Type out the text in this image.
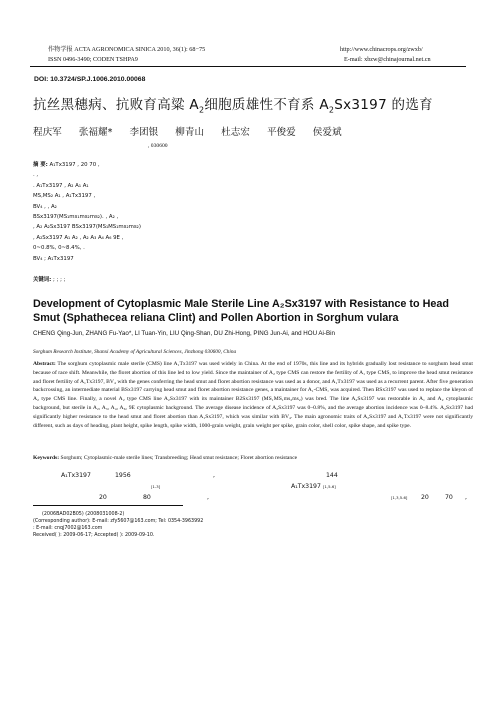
作物学报 ACTA AGRONOMICA SINICA 2010, 36(1): 68−75	http://www.chinacrops.org/zwxb/
ISSN 0496-3490; CODEN TSHPA9	E-mail: xbzw@chinajournal.net.cn
DOI: 10.3724/SP.J.1006.2010.00068
抗丝黑穗病、抗败育高粱 $A_2$细胞质雄性不育系 $A_2Sx3197$ 的选育
程庆军 张福耀* 李团银 柳青山 杜志宏 平俊爱 侯爱斌
, 030600
摘 要: A₁Tx3197 , 20 70 ,
. ,
. A₁Tx3197 , A₂ A₁ A₁
MS,MS₂ A₁ , A₁Tx3197 ,
BV₄ , , A₂
BSx3197(MS₁ms₁ms₂ms₂). , A₂ ,
, A₂ A₂Sx3197 BSx3197(MS₁MS₁ms₂ms₂)
, A₂Sx3197 A₁ A₂ , A₂ A₃ A₄ A₆ 9E ,
0~0.8%, 0~8.4%, .
BV₄ ; A₁Tx3197
关键词: ; ; ; ;
Development of Cytoplasmic Male Sterile Line A₂Sx3197 with Resistance to Head Smut (Sphathecea reliana Clint) and Pollen Abortion in Sorghum vulara
CHENG Qing-Jun, ZHANG Fu-Yao*, LI Tuan-Yin, LIU Qing-Shan, DU Zhi-Hong, PING Jun-Ai, and HOU Ai-Bin
Sorghum Research Institute, Shanxi Academy of Agricultural Sciences, Jinzhong 030600, China
Abstract: The sorghum cytoplasmic male sterile (CMS) line A₁Tx3197 was used widely in China. At the end of 1970s, this line and its hybrids gradually lost resistance to sorghum head smut because of race shift. Meanwhile, the floret abortion of this line led to low yield. Since the maintainer of A₂ type CMS can restore the fertility of A₁ type CMS, to improve the head smut resistance and floret fertility of A₁Tx3197, BV₄ with the genes conferring the head smut and floret abortion resistance was used as a donor, and A₁Tx3197 was used as a recurrent parent. After five generation backcrossing, an intermediate material BSx3197 carrying head smut and floret abortion resistance genes, a maintainer for A₁-CMS, was acquired. Then BSx3197 was used to replace the kleyon of A₂ type CMS line. Finally, a novel A₂ type CMS line A₂Sx3197 with its maintainer B2Sx3197 (MS₁MS₁ms₂ms₂) was bred. The line A₂Sx3197 was restorable in A₁ and A₂ cytoplasmic background, but sterile in A₂, A₃, A₄, A₆, 9E cytoplasmic background. The average disease incidence of A₂Sx3197 was 0–0.8%, and the average abortion incidence was 0–8.4%. A₂Sx3197 had significantly higher resistance to the head smut and floret abortion than A₁Sx3197, which was similar with BV₄. The main agronomic traits of A₂Sx3197 and A₁Tx3197 were not significantly different, such as days of heading, plant height, spike length, spike width, 1000-grain weight, grain weight per spike, grain color, shell color, spike shape, and spike type.
Keywords: Sorghum; Cytoplasmic-male sterile lines; Transbreeding; Head smut resistance; Floret abortion resistance
A₁Tx3197	1956	,	144
[1-3]	A₁Tx3197 [1,5-6]
20	80	,	[1,3,5-6] 20	70 ,
(2006BAD02B05) (2008031008-2)
(Corresponding author): E-mail: zfy5607@163.com; Tel: 0354-3963992
: E-mail: cnqj7002@163.com
Received( ): 2009-06-17; Accepted( ): 2009-09-10.
